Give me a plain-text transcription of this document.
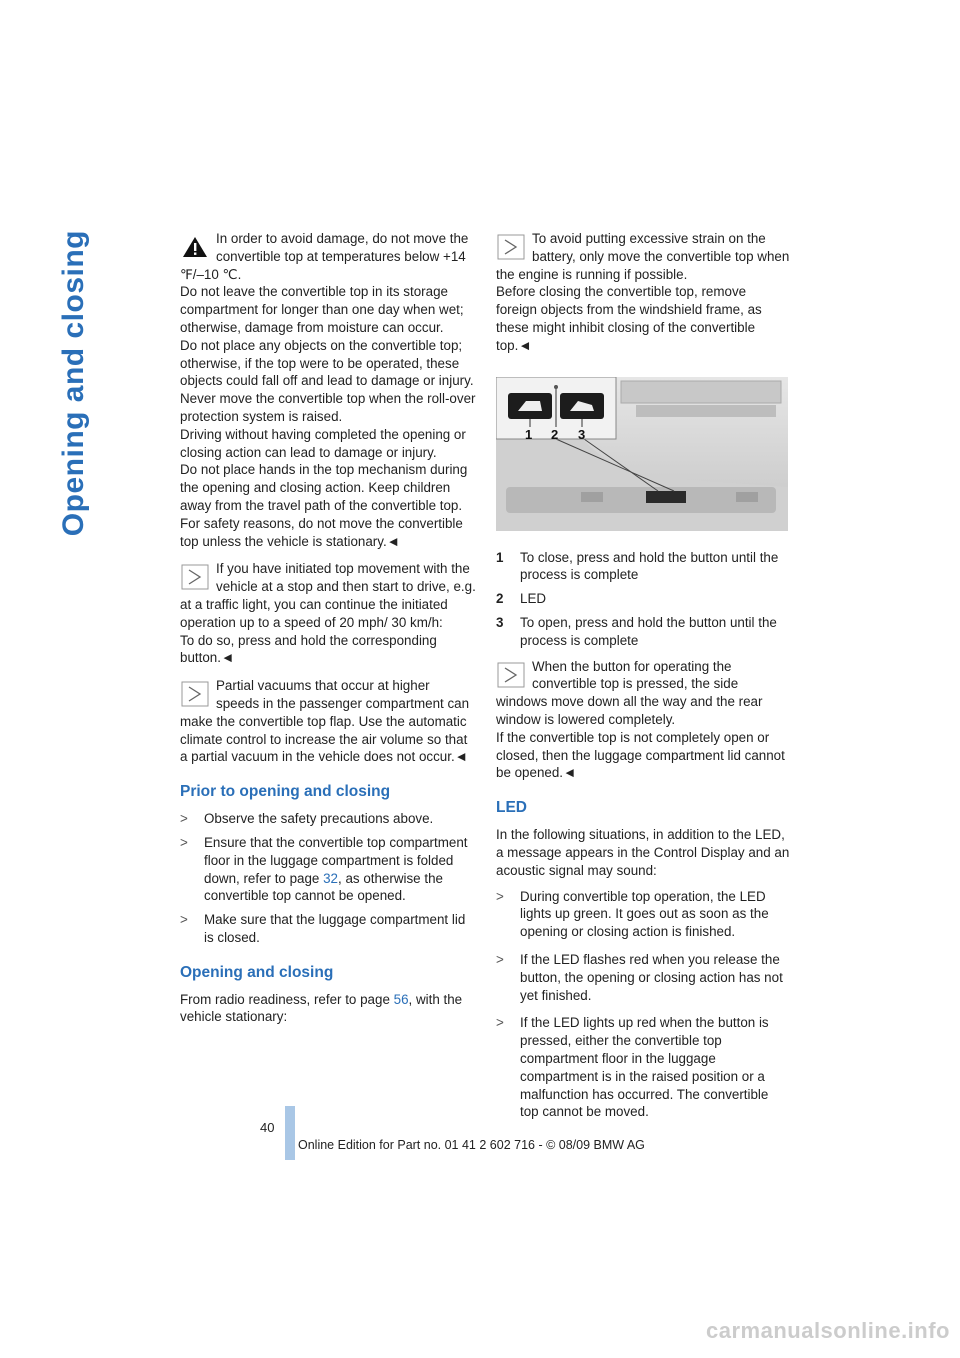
Opening and closing	In order to avoid damage, do not move the convertible top at temperatures below +14 ℉/–10 ℃.

Do not leave the convertible top in its storage compartment for longer than one day when wet; otherwise, damage from moisture can occur.

Do not place any objects on the convertible top; otherwise, if the top were to be operated, these objects could fall off and lead to damage or injury.

Never move the convertible top when the roll-over protection system is raised.

Driving without having completed the opening or closing action can lead to damage or injury.

Do not place hands in the top mechanism during the opening and closing action. Keep children away from the travel path of the convertible top.

For safety reasons, do not move the convertible top unless the vehicle is stationary.◄

If you have initiated top movement with the vehicle at a stop and then start to drive, e.g. at a traffic light, you can continue the initiated operation up to a speed of 20 mph/ 30 km/h:

To do so, press and hold the corresponding button.◄

Partial vacuums that occur at higher speeds in the passenger compartment can make the convertible top flap. Use the automatic climate control to increase the air volume so that a partial vacuum in the vehicle does not occur.◄

Prior to opening and closing
>	Observe the safety precautions above.
>	Ensure that the convertible top compartment floor in the luggage compartment is folded down, refer to page 32, as otherwise the convertible top cannot be opened.
>	Make sure that the luggage compartment lid is closed.
Opening and closing

From radio readiness, refer to page 56, with the vehicle stationary:

To avoid putting excessive strain on the battery, only move the convertible top when the engine is running if possible.

Before closing the convertible top, remove foreign objects from the windshield frame, as these might inhibit closing of the convertible top.◄

1 2 3
1	To close, press and hold the button until the process is complete
2	LED
3	To open, press and hold the button until the process is complete

When the button for operating the convertible top is pressed, the side windows move down all the way and the rear window is lowered completely.

If the convertible top is not completely open or closed, then the luggage compartment lid cannot be opened.◄

LED

In the following situations, in addition to the LED, a message appears in the Control Display and an acoustic signal may sound:

>	During convertible top operation, the LED lights up green. It goes out as soon as the opening or closing action is finished.
>	If the LED flashes red when you release the button, the opening or closing action has not yet finished.
>	If the LED lights up red when the button is pressed, either the convertible top compartment floor in the luggage compartment is in the raised position or a malfunction has occurred. The convertible top cannot be moved.
40
Online Edition for Part no. 01 41 2 602 716 - © 08/09 BMW AG
carmanualsonline.info
